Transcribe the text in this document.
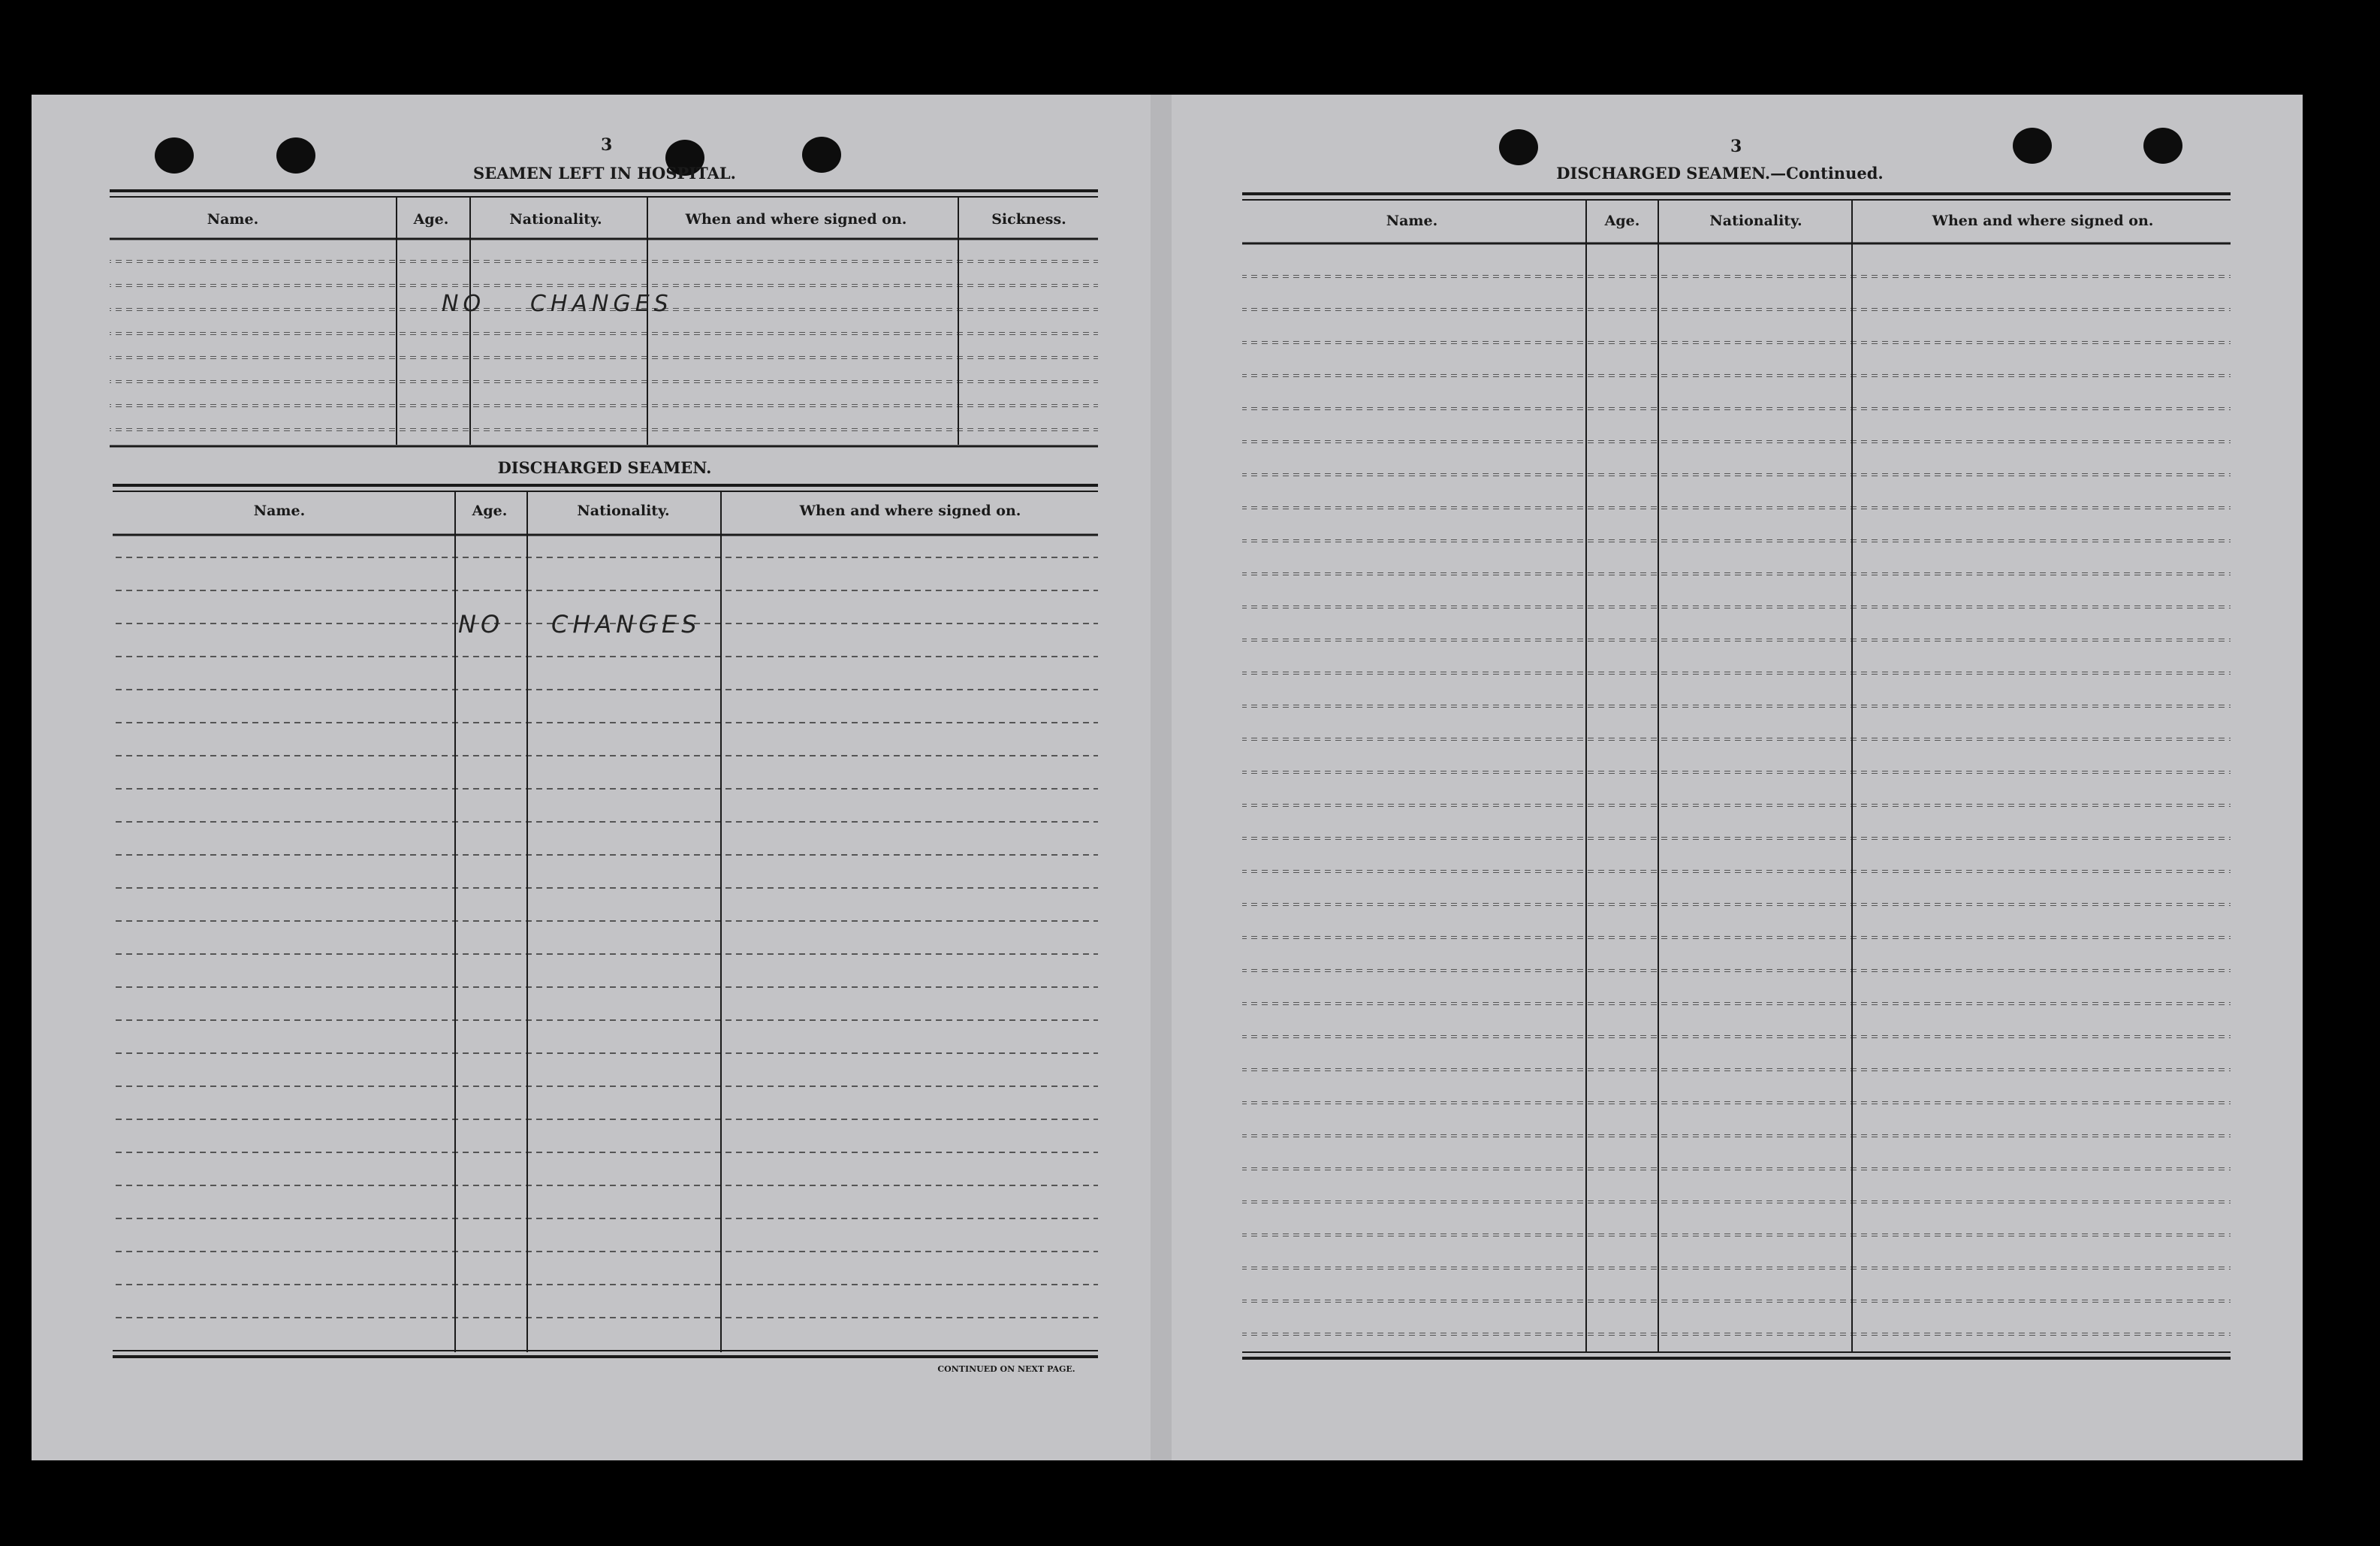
3
SEAMEN LEFT IN HOSPITAL.
Name.	Age.	Nationality.	When and where signed on.	Sickness.
NO CHANGES
DISCHARGED SEAMEN.
Name.	Age.	Nationality.	When and where signed on.
NO CHANGES
CONTINUED ON NEXT PAGE.
3
DISCHARGED SEAMEN.—Continued.
Name.	Age.	Nationality.	When and where signed on.
